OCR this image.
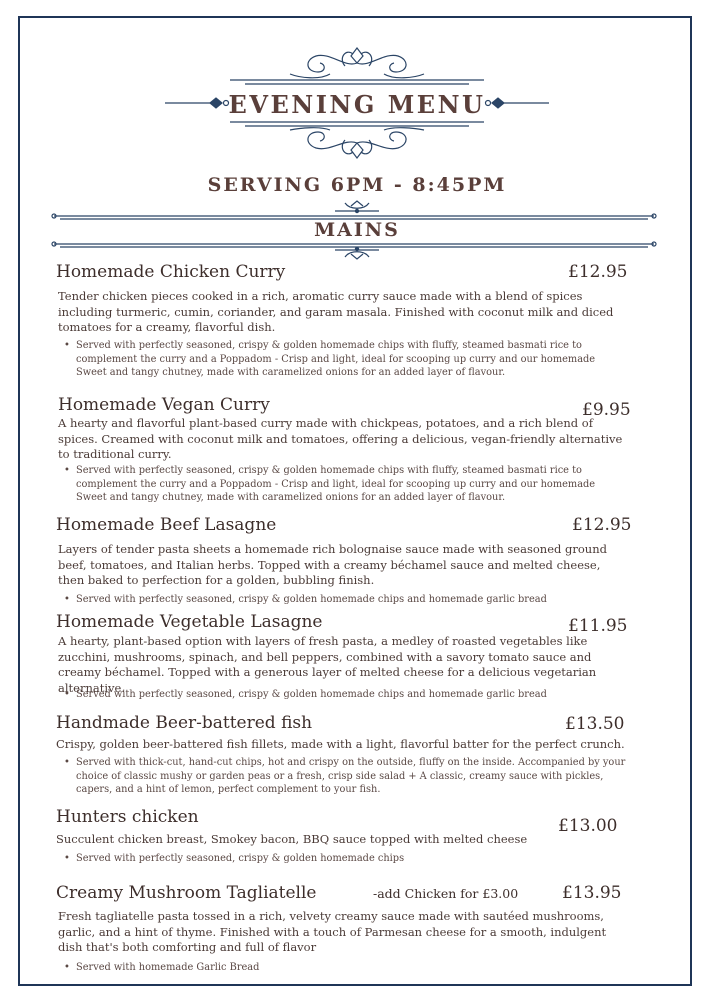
EVENING MENU
SERVING 6PM - 8:45PM
MAINS
Homemade Chicken Curry	£12.95
Tender chicken pieces cooked in a rich, aromatic curry sauce made with a blend of spices including turmeric, cumin, coriander, and garam masala. Finished with coconut milk and diced tomatoes for a creamy, flavorful dish.
• Served with perfectly seasoned, crispy & golden homemade chips with fluffy, steamed basmati rice to complement the curry and a Poppadom - Crisp and light, ideal for scooping up curry and our homemade Sweet and tangy chutney, made with caramelized onions for an added layer of flavour.
Homemade Vegan Curry	£9.95
A hearty and flavorful plant-based curry made with chickpeas, potatoes, and a rich blend of spices. Creamed with coconut milk and tomatoes, offering a delicious, vegan-friendly alternative to traditional curry.
• Served with perfectly seasoned, crispy & golden homemade chips with fluffy, steamed basmati rice to complement the curry and a Poppadom - Crisp and light, ideal for scooping up curry and our homemade Sweet and tangy chutney, made with caramelized onions for an added layer of flavour.
Homemade Beef Lasagne	£12.95
Layers of tender pasta sheets a homemade rich bolognaise sauce made with seasoned ground beef, tomatoes, and Italian herbs. Topped with a creamy béchamel sauce and melted cheese, then baked to perfection for a golden, bubbling finish.
• Served with perfectly seasoned, crispy & golden homemade chips and homemade garlic bread
Homemade Vegetable Lasagne	£11.95
A hearty, plant-based option with layers of fresh pasta, a medley of roasted vegetables like zucchini, mushrooms, spinach, and bell peppers, combined with a savory tomato sauce and creamy béchamel. Topped with a generous layer of melted cheese for a delicious vegetarian alternative.
• Served with perfectly seasoned, crispy & golden homemade chips and homemade garlic bread
Handmade Beer-battered fish	£13.50
Crispy, golden beer-battered fish fillets, made with a light, flavorful batter for the perfect crunch.
• Served with thick-cut, hand-cut chips, hot and crispy on the outside, fluffy on the inside. Accompanied by your choice of classic mushy or garden peas or a fresh, crisp side salad + A classic, creamy sauce with pickles, capers, and a hint of lemon, perfect complement to your fish.
Hunters chicken	£13.00
Succulent chicken breast, Smokey bacon, BBQ sauce topped with melted cheese
• Served with perfectly seasoned, crispy & golden homemade chips
Creamy Mushroom Tagliatelle	-add Chicken for £3.00	£13.95
Fresh tagliatelle pasta tossed in a rich, velvety creamy sauce made with sautéed mushrooms, garlic, and a hint of thyme. Finished with a touch of Parmesan cheese for a smooth, indulgent dish that's both comforting and full of flavor
• Served with homemade Garlic Bread
